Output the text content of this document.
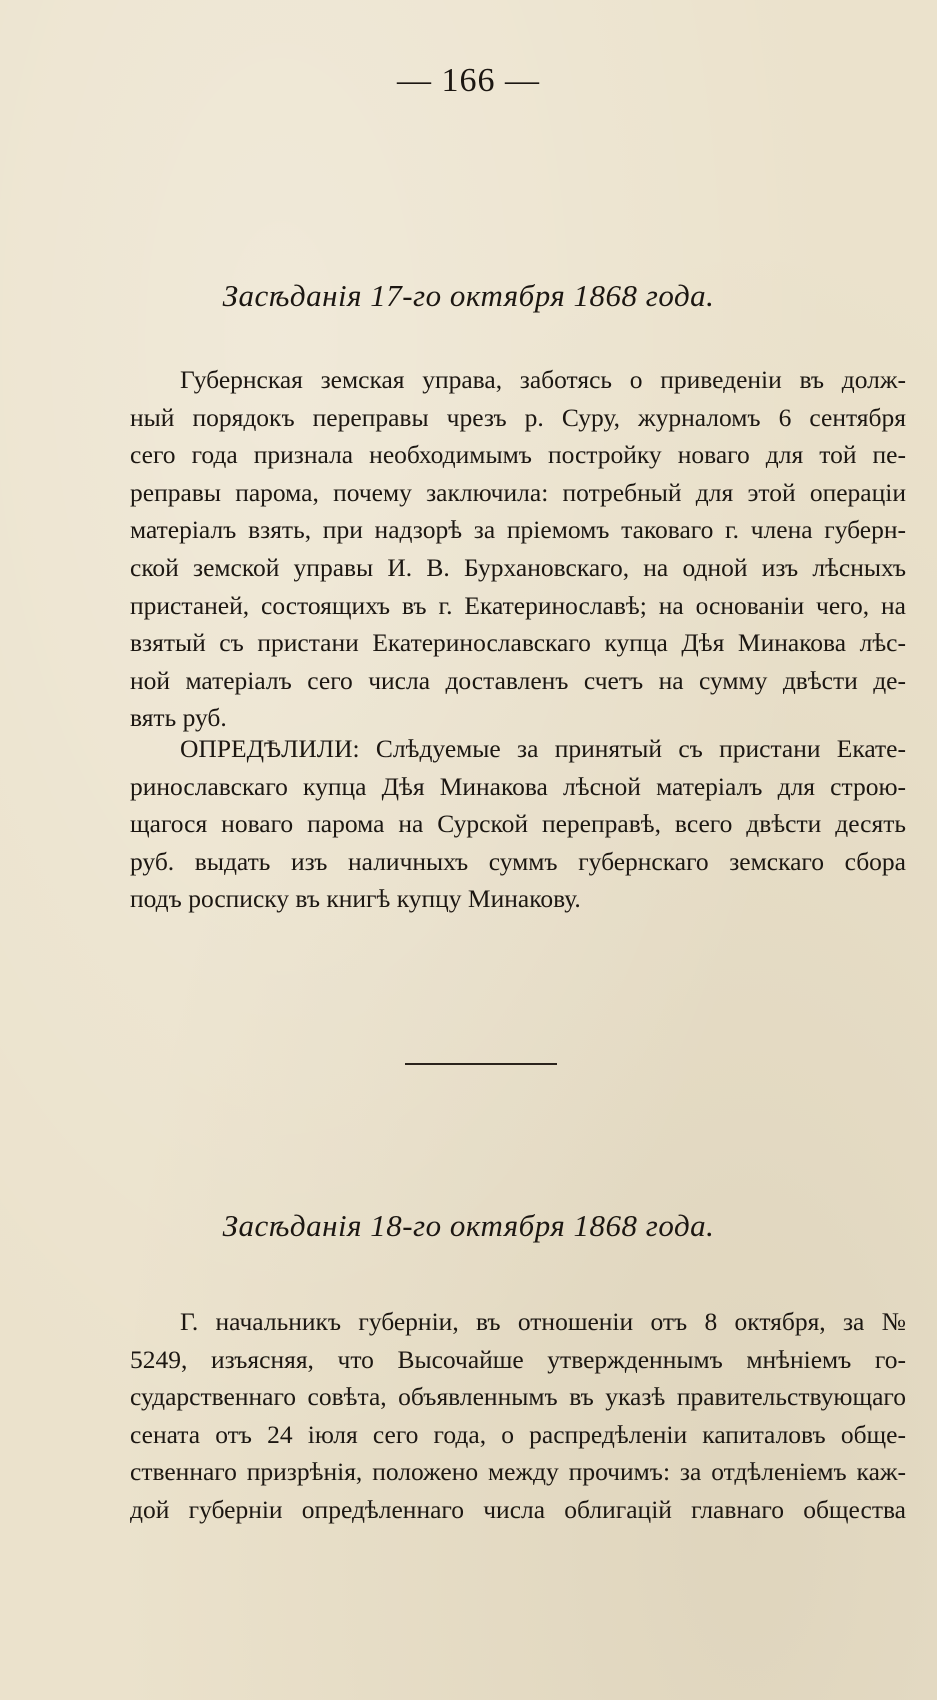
— 166 —
Засѣданія 17-го октября 1868 года.
Губернская земская управа, заботясь о приведеніи въ долж-
ный порядокъ переправы чрезъ р. Суру, журналомъ 6 сентября
сего года признала необходимымъ постройку новаго для той пе-
реправы парома, почему заключила: потребный для этой операціи
матеріалъ взять, при надзорѣ за пріемомъ таковаго г. члена губерн-
ской земской управы И. В. Бурхановскаго, на одной изъ лѣсныхъ
пристаней, состоящихъ въ г. Екатеринославѣ; на основаніи чего, на
взятый съ пристани Екатеринославскаго купца Дѣя Минакова лѣс-
ной матеріалъ сего числа доставленъ счетъ на сумму двѣсти де-
вять руб.
ОПРЕДѢЛИЛИ: Слѣдуемые за принятый съ пристани Екате-
ринославскаго купца Дѣя Минакова лѣсной матеріалъ для строю-
щагося новаго парома на Сурской переправѣ, всего двѣсти десять
руб. выдать изъ наличныхъ суммъ губернскаго земскаго сбора
подъ росписку въ книгѣ купцу Минакову.
Засѣданія 18-го октября 1868 года.
Г. начальникъ губерніи, въ отношеніи отъ 8 октября, за №
5249, изъясняя, что Высочайше утвержденнымъ мнѣніемъ го-
сударственнаго совѣта, объявленнымъ въ указѣ правительствующаго
сената отъ 24 іюля сего года, о распредѣленіи капиталовъ обще-
ственнаго призрѣнія, положено между прочимъ: за отдѣленіемъ каж-
дой губерніи опредѣленнаго числа облигацій главнаго общества
